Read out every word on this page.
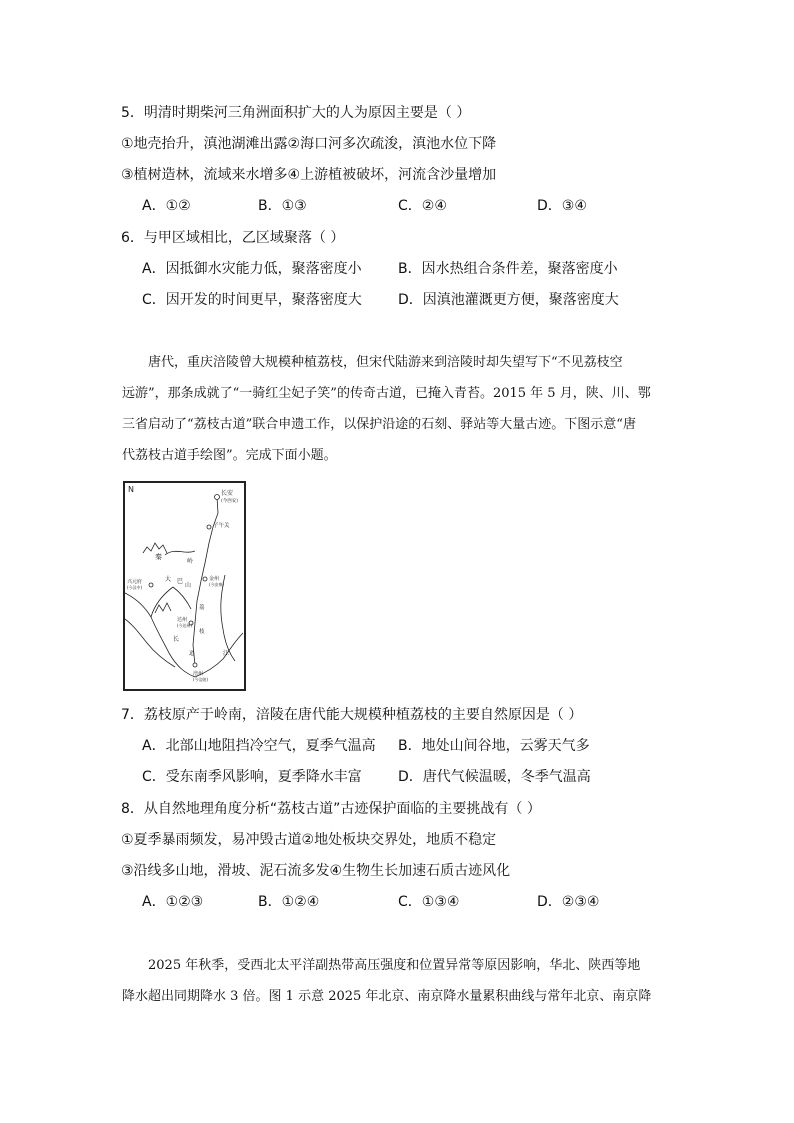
5．明清时期柴河三角洲面积扩大的人为原因主要是（ ）
①地壳抬升，滇池湖滩出露②海口河多次疏浚，滇池水位下降
③植树造林，流域来水增多④上游植被破坏，河流含沙量增加
A．①②	B．①③	C．②④	D．③④
6．与甲区域相比，乙区域聚落（ ）
A．因抵御水灾能力低，聚落密度小	B．因水热组合条件差，聚落密度小
C．因开发的时间更早，聚落密度大	D．因滇池灌溉更方便，聚落密度大
唐代，重庆涪陵曾大规模种植荔枝，但宋代陆游来到涪陵时却失望写下“不见荔枝空
远游”，那条成就了“一骑红尘妃子笑”的传奇古道，已掩入青苔。2015 年 5 月，陕、川、鄂
三省启动了“荔枝古道”联合申遗工作，以保护沿途的石刻、驿站等大量古迹。下图示意“唐
代荔枝古道手绘图”。完成下面小题。
N	长安
(今西安)
子午关
秦
岭
兴元府
(今汉中)
金州
(今安康)
大 巴
山
达州
(今达州)
荔
枝
道
涪州
(今涪陵)
长
江
7．荔枝原产于岭南，涪陵在唐代能大规模种植荔枝的主要自然原因是（ ）
A．北部山地阻挡冷空气，夏季气温高 B．地处山间谷地，云雾天气多
C．受东南季风影响，夏季降水丰富	D．唐代气候温暖，冬季气温高
8．从自然地理角度分析“荔枝古道”古迹保护面临的主要挑战有（ ）
①夏季暴雨频发，易冲毁古道②地处板块交界处，地质不稳定
③沿线多山地，滑坡、泥石流多发④生物生长加速石质古迹风化
A．①②③	B．①②④	C．①③④	D．②③④
2025 年秋季，受西北太平洋副热带高压强度和位置异常等原因影响，华北、陕西等地
降水超出同期降水 3 倍。图 1 示意 2025 年北京、南京降水量累积曲线与常年北京、南京降
